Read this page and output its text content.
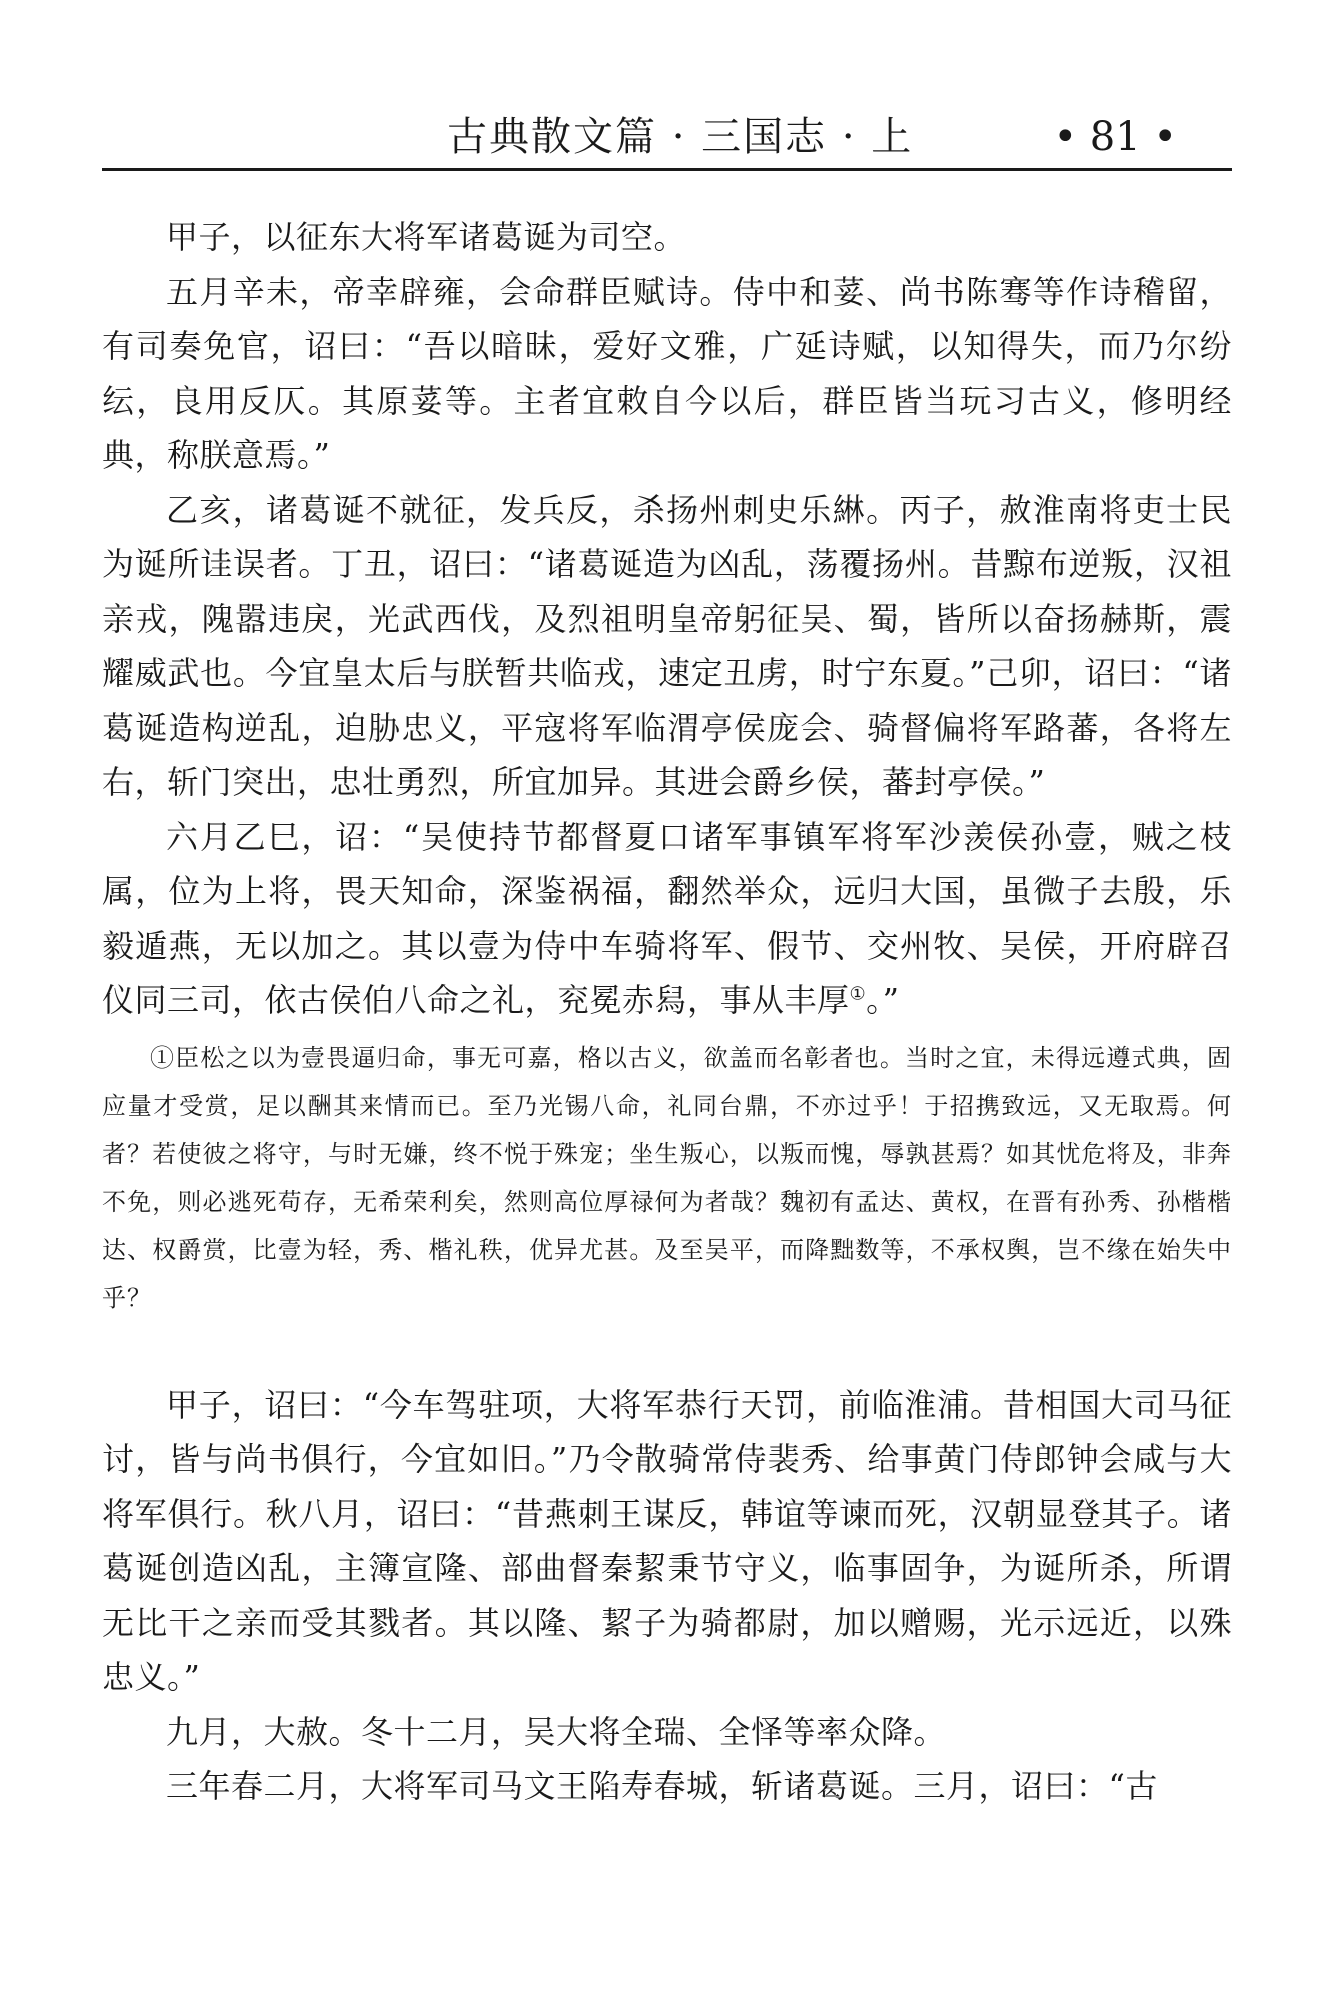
古典散文篇 · 三国志 · 上	• 81 •

甲子，以征东大将军诸葛诞为司空。

五月辛未，帝幸辟雍，会命群臣赋诗。侍中和荽、尚书陈骞等作诗稽留，有司奏免官，诏曰：“吾以暗昧，爱好文雅，广延诗赋，以知得失，而乃尔纷纭，良用反仄。其原荽等。主者宜敕自今以后，群臣皆当玩习古义，修明经典，称朕意焉。”

乙亥，诸葛诞不就征，发兵反，杀扬州刺史乐綝。丙子，赦淮南将吏士民为诞所诖误者。丁丑，诏曰：“诸葛诞造为凶乱，荡覆扬州。昔黥布逆叛，汉祖亲戎，隗嚣违戾，光武西伐，及烈祖明皇帝躬征吴、蜀，皆所以奋扬赫斯，震耀威武也。今宜皇太后与朕暂共临戎，速定丑虏，时宁东夏。”己卯，诏曰：“诸葛诞造构逆乱，迫胁忠义，平寇将军临渭亭侯庞会、骑督偏将军路蕃，各将左右，斩门突出，忠壮勇烈，所宜加异。其进会爵乡侯，蕃封亭侯。”

六月乙巳，诏：“吴使持节都督夏口诸军事镇军将军沙羡侯孙壹，贼之枝属，位为上将，畏天知命，深鉴祸福，翻然举众，远归大国，虽微子去殷，乐毅遁燕，无以加之。其以壹为侍中车骑将军、假节、交州牧、吴侯，开府辟召仪同三司，依古侯伯八命之礼，兖冕赤舄，事从丰厚①。”

①臣松之以为壹畏逼归命，事无可嘉，格以古义，欲盖而名彰者也。当时之宜，未得远遵式典，固应量才受赏，足以酬其来情而已。至乃光锡八命，礼同台鼎，不亦过乎！于招携致远，又无取焉。何者？若使彼之将守，与时无嫌，终不悦于殊宠；坐生叛心，以叛而愧，辱孰甚焉？如其忧危将及，非奔不免，则必逃死苟存，无希荣利矣，然则高位厚禄何为者哉？魏初有孟达、黄权，在晋有孙秀、孙楷楷达、权爵赏，比壹为轻，秀、楷礼秩，优异尤甚。及至吴平，而降黜数等，不承权舆，岂不缘在始失中乎？

甲子，诏曰：“今车驾驻项，大将军恭行天罚，前临淮浦。昔相国大司马征讨，皆与尚书俱行，今宜如旧。”乃令散骑常侍裴秀、给事黄门侍郎钟会咸与大将军俱行。秋八月，诏曰：“昔燕刺王谋反，韩谊等谏而死，汉朝显登其子。诸葛诞创造凶乱，主簿宣隆、部曲督秦絜秉节守义，临事固争，为诞所杀，所谓无比干之亲而受其戮者。其以隆、絜子为骑都尉，加以赠赐，光示远近，以殊忠义。”

九月，大赦。冬十二月，吴大将全瑞、全怿等率众降。

三年春二月，大将军司马文王陷寿春城，斩诸葛诞。三月，诏曰：“古
